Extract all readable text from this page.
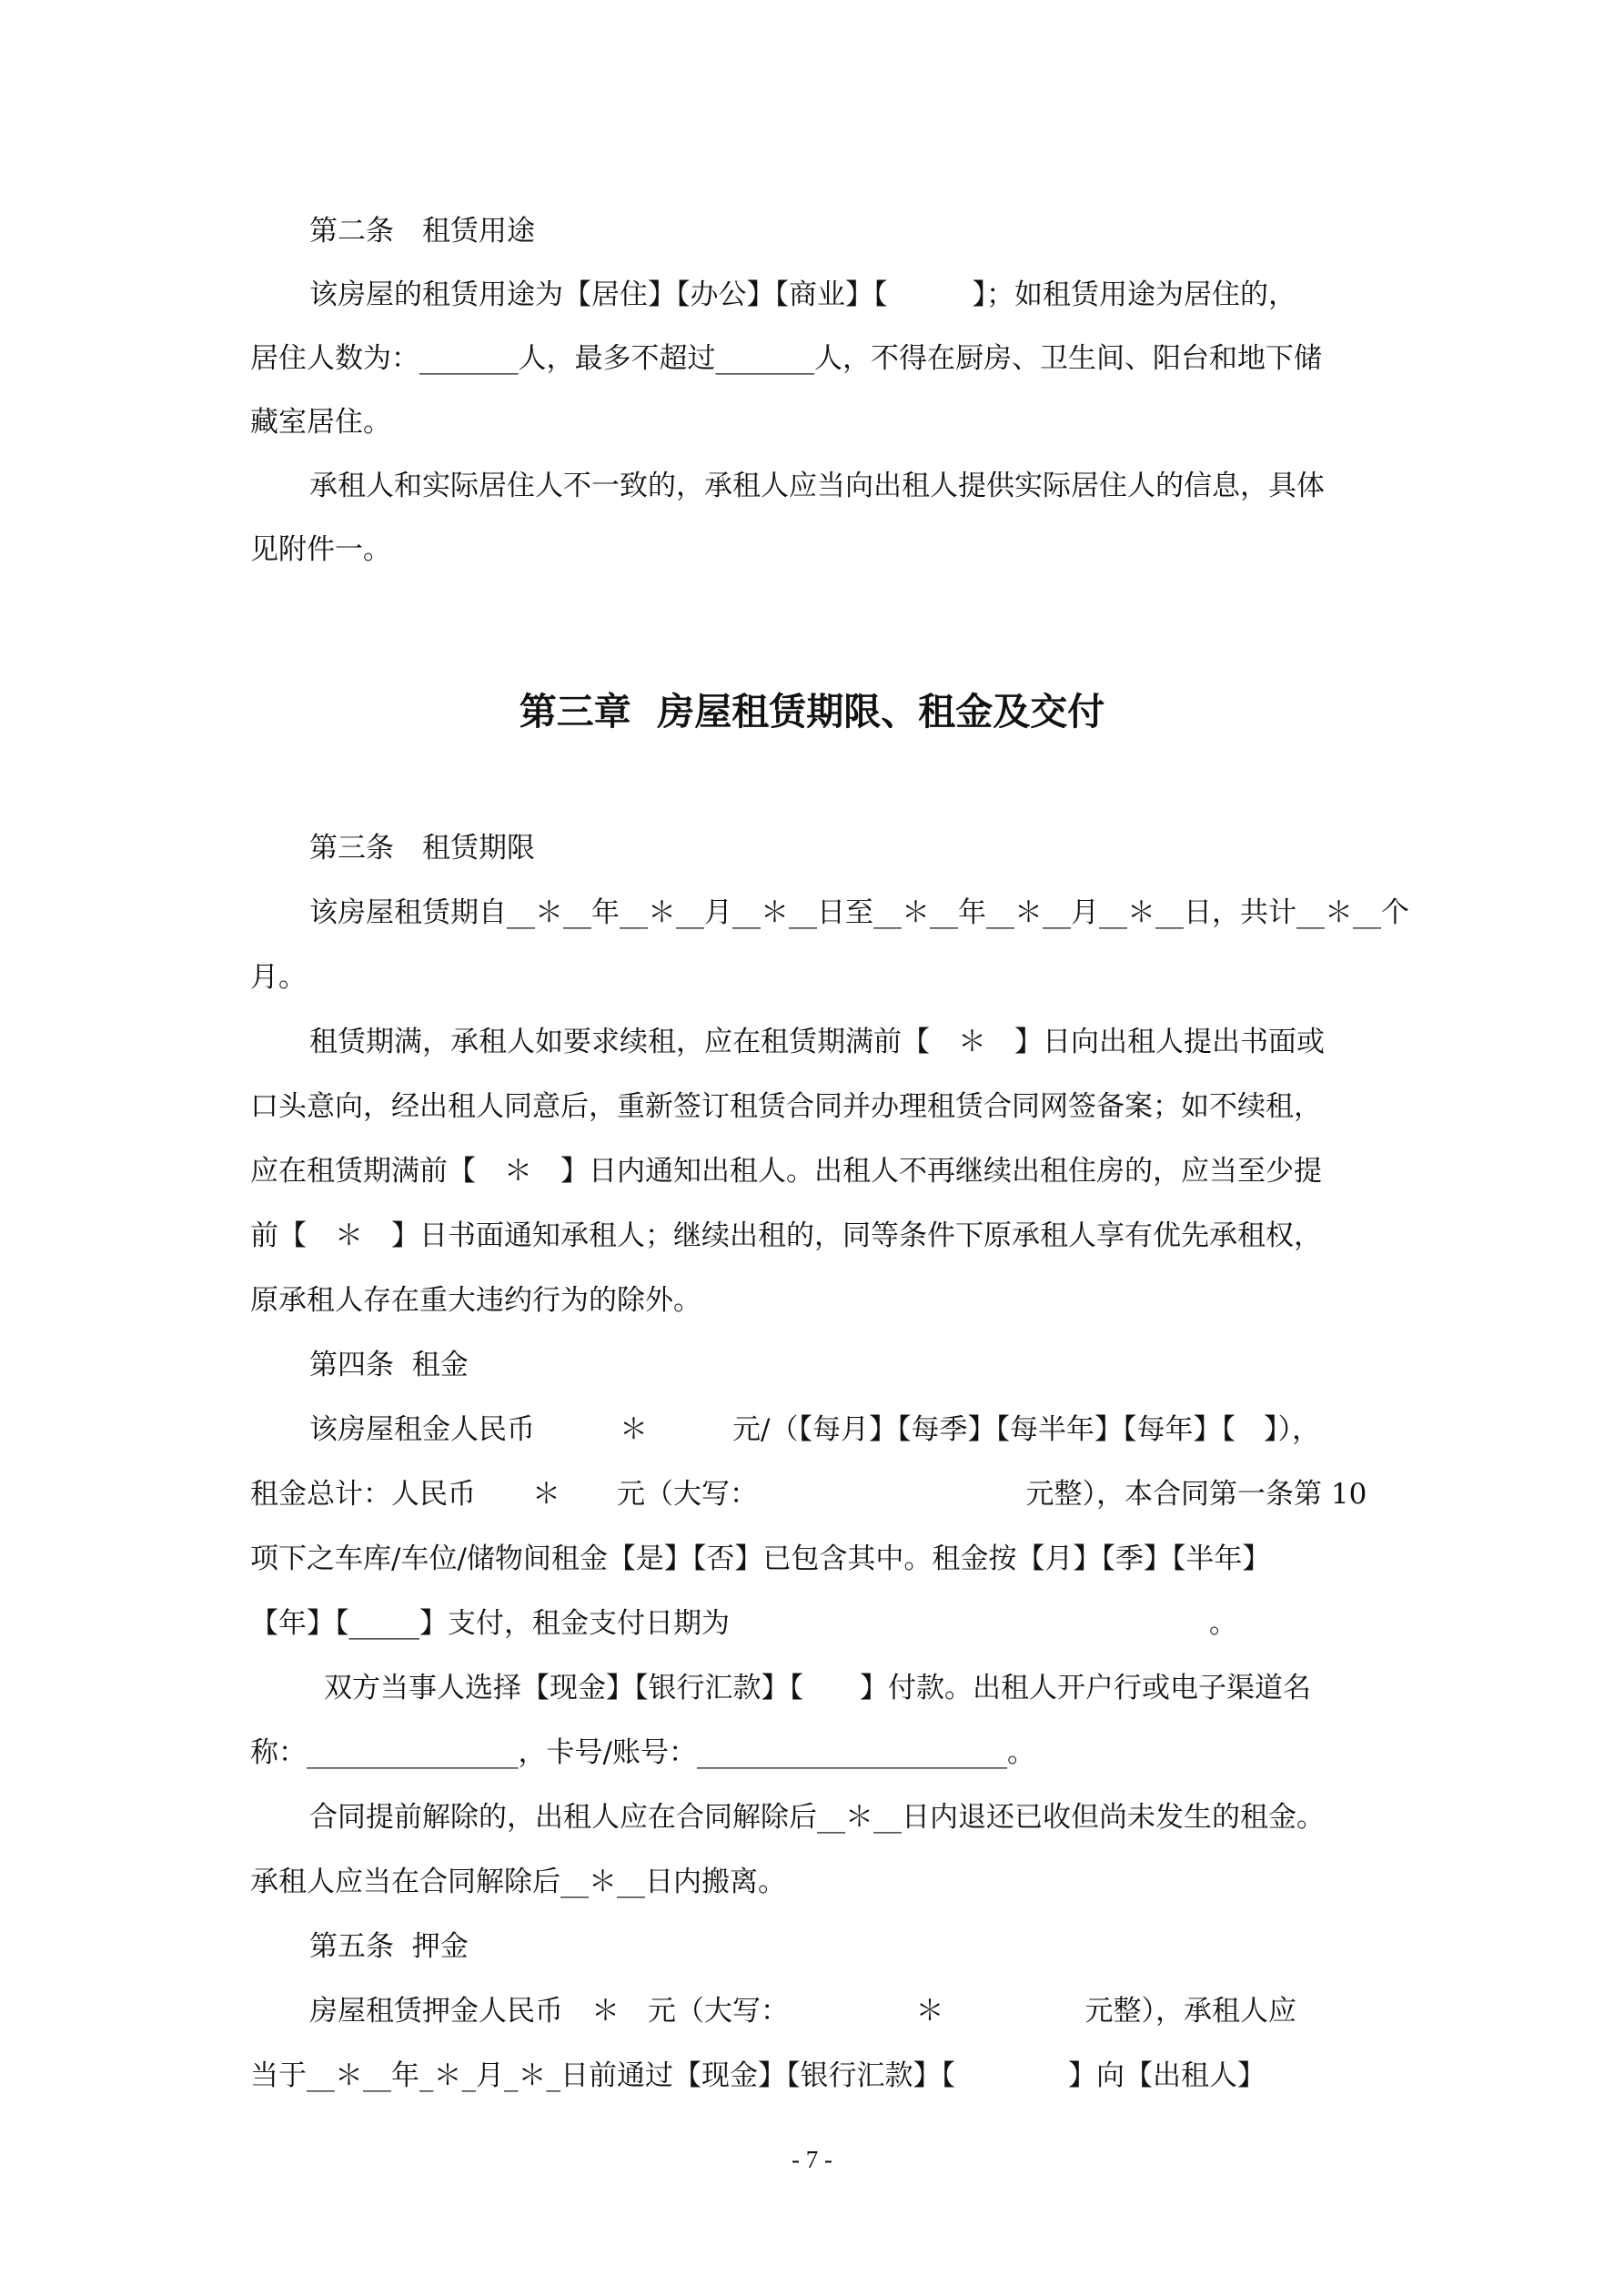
第二条　租赁用途

该房屋的租赁用途为【居住】【办公】【商业】【　　　】；如租赁用途为居住的，

居住人数为：_______人，最多不超过_______人，不得在厨房、卫生间、阳台和地下储

藏室居住。

承租人和实际居住人不一致的，承租人应当向出租人提供实际居住人的信息，具体

见附件一。

第三章  房屋租赁期限、租金及交付

第三条　租赁期限

该房屋租赁期自__＊__年__＊__月__＊__日至__＊__年__＊__月__＊__日，共计__＊__个

月。

租赁期满，承租人如要求续租，应在租赁期满前【　＊　】日向出租人提出书面或

口头意向，经出租人同意后，重新签订租赁合同并办理租赁合同网签备案；如不续租，

应在租赁期满前【　＊　】日内通知出租人。出租人不再继续出租住房的，应当至少提

前【　＊　】日书面通知承租人；继续出租的，同等条件下原承租人享有优先承租权，

原承租人存在重大违约行为的除外。

第四条  租金

该房屋租金人民币　　　＊　　　元/（【每月】【每季】【每半年】【每年】【　】），

租金总计：人民币　　＊　　元（大写：　　　　　　　　　　元整），本合同第一条第 10

项下之车库/车位/储物间租金【是】【否】已包含其中。租金按【月】【季】【半年】

【年】【_____】支付，租金支付日期为　　　　　　　　　　　　　　　　　。

双方当事人选择【现金】【银行汇款】【　　】付款。出租人开户行或电子渠道名

称：_______________，卡号/账号：______________________。

合同提前解除的，出租人应在合同解除后__＊__日内退还已收但尚未发生的租金。

承租人应当在合同解除后__＊__日内搬离。

第五条  押金

房屋租赁押金人民币　＊　元（大写：　　　　　＊　　　　　元整），承租人应

当于__＊__年_＊_月_＊_日前通过【现金】【银行汇款】【　　　　】向【出租人】

- 7 -
